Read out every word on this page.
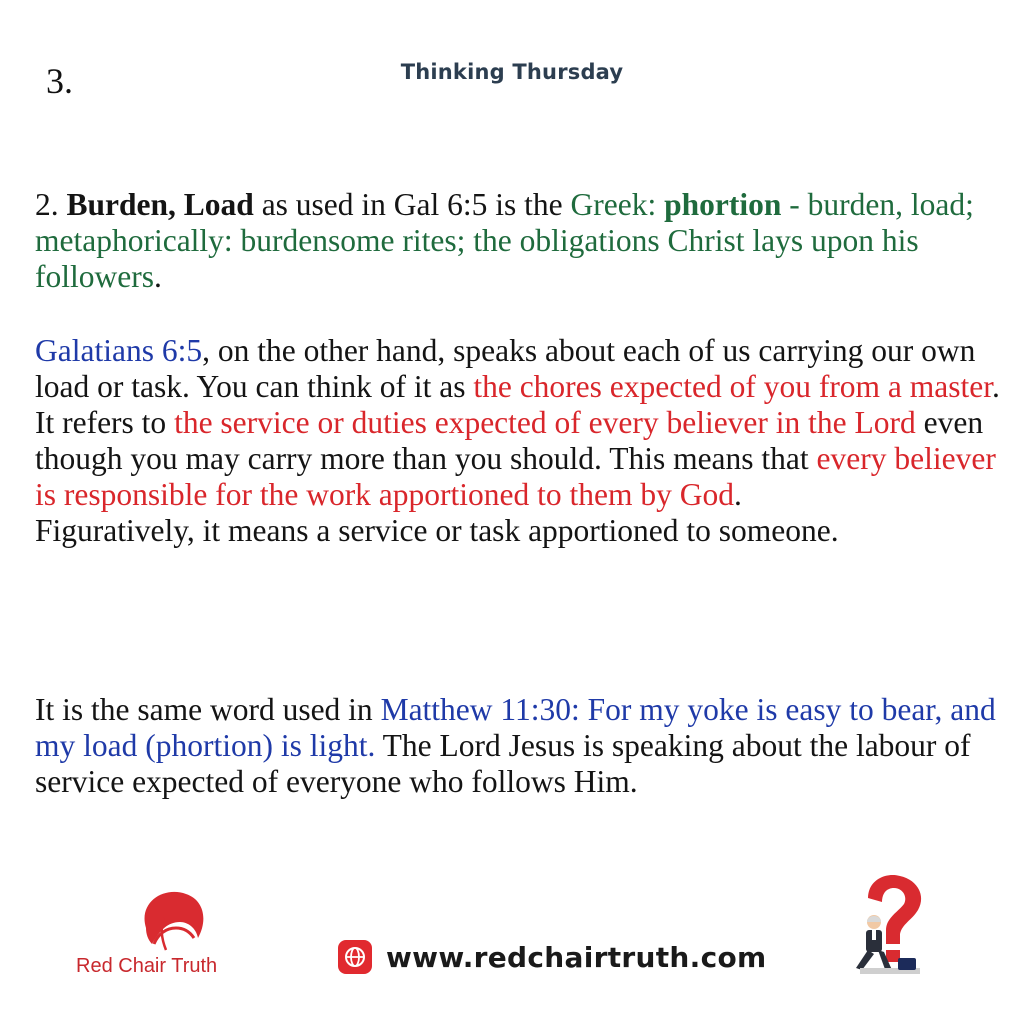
3.	Thinking Thursday

2. Burden, Load as used in Gal 6:5 is the Greek: phortion - burden, load; metaphorically: burdensome rites; the obligations Christ lays upon his followers.

Galatians 6:5, on the other hand, speaks about each of us carrying our own load or task. You can think of it as the chores expected of you from a master. It refers to the service or duties expected of every believer in the Lord even though you may carry more than you should. This means that every believer is responsible for the work apportioned to them by God.

Figuratively, it means a service or task apportioned to someone.

It is the same word used in Matthew 11:30: For my yoke is easy to bear, and my load (phortion) is light. The Lord Jesus is speaking about the labour of service expected of everyone who follows Him.

Red Chair Truth	www.redchairtruth.com
